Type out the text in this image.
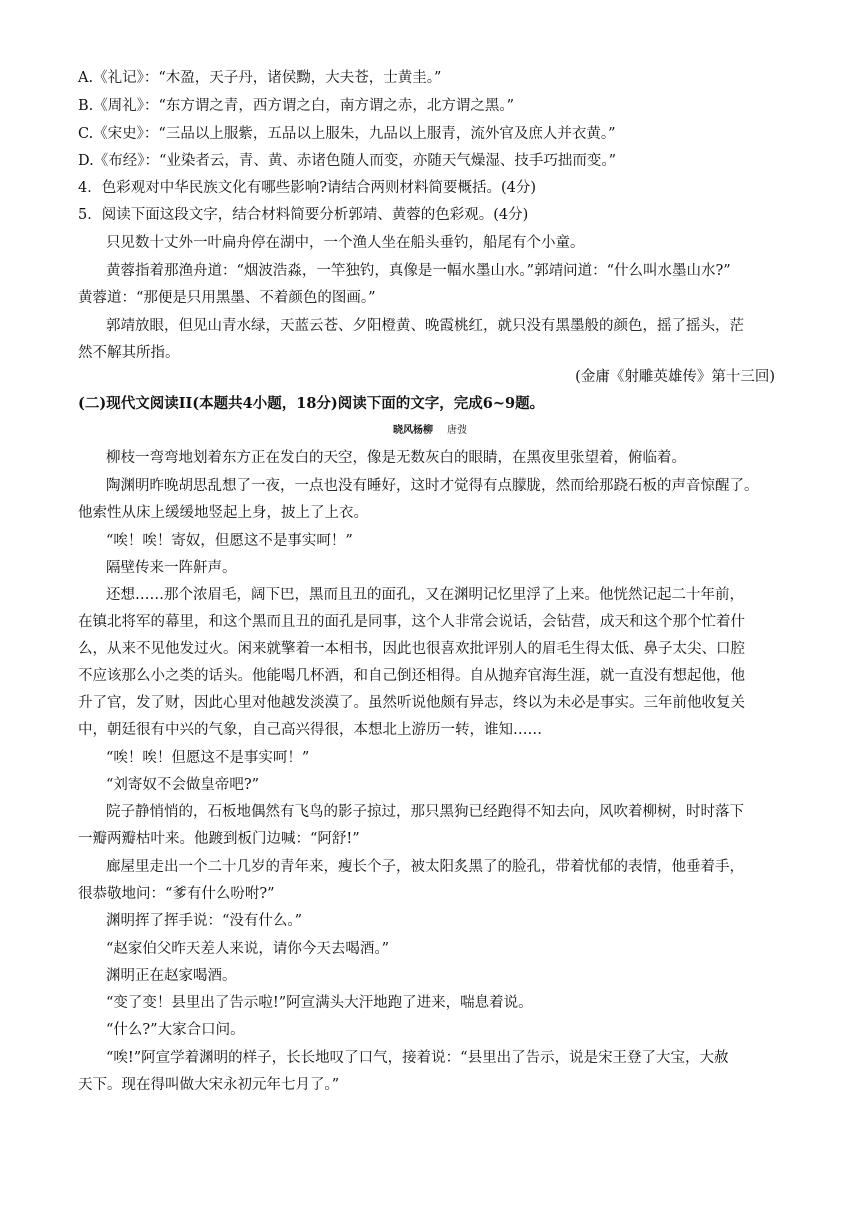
A.《礼记》：“木盈，天子丹，诸侯黝，大夫苍，士黄圭。”
B.《周礼》：“东方谓之青，西方谓之白，南方谓之赤，北方谓之黑。”
C.《宋史》：“三品以上服紫，五品以上服朱，九品以上服青，流外官及庶人并衣黄。”
D.《布经》：“业染者云，青、黄、赤诸色随人而变，亦随天气燥湿、技手巧拙而变。”
4．色彩观对中华民族文化有哪些影响?请结合两则材料简要概括。(4分)
5．阅读下面这段文字，结合材料简要分析郭靖、黄蓉的色彩观。(4分)
只见数十丈外一叶扁舟停在湖中，一个渔人坐在船头垂钓，船尾有个小童。
黄蓉指着那渔舟道：“烟波浩淼，一竿独钓，真像是一幅水墨山水。”郭靖问道：“什么叫水墨山水?”
黄蓉道：“那便是只用黑墨、不着颜色的图画。”
郭靖放眼，但见山青水绿，天蓝云苍、夕阳橙黄、晚霞桃红，就只没有黑墨般的颜色，摇了摇头，茫
然不解其所指。
(金庸《射雕英雄传》第十三回)
(二)现代文阅读II(本题共4小题，18分)阅读下面的文字，完成6~9题。
晓风杨柳 唐弢
柳枝一弯弯地划着东方正在发白的天空，像是无数灰白的眼睛，在黑夜里张望着，俯临着。
陶渊明昨晚胡思乱想了一夜，一点也没有睡好，这时才觉得有点朦胧，然而给那跷石板的声音惊醒了。
他索性从床上缓缓地竖起上身，披上了上衣。
“唉！唉！寄奴，但愿这不是事实呵！”
隔壁传来一阵鼾声。
还想……那个浓眉毛，阔下巴，黑而且丑的面孔，又在渊明记忆里浮了上来。他恍然记起二十年前，
在镇北将军的幕里，和这个黑而且丑的面孔是同事，这个人非常会说话，会钻营，成天和这个那个忙着什
么，从来不见他发过火。闲来就擎着一本相书，因此也很喜欢批评别人的眉毛生得太低、鼻子太尖、口腔
不应该那么小之类的话头。他能喝几杯酒，和自己倒还相得。自从抛弃官海生涯，就一直没有想起他，他
升了官，发了财，因此心里对他越发淡漠了。虽然听说他颇有异志，终以为未必是事实。三年前他收复关
中，朝廷很有中兴的气象，自己高兴得很，本想北上游历一转，谁知……
“唉！唉！但愿这不是事实呵！”
“刘寄奴不会做皇帝吧?”
院子静悄悄的，石板地偶然有飞鸟的影子掠过，那只黑狗已经跑得不知去向，风吹着柳树，时时落下
一瓣两瓣枯叶来。他踱到板门边喊：“阿舒!”
廊屋里走出一个二十几岁的青年来，瘦长个子，被太阳炙黑了的脸孔，带着忧郁的表情，他垂着手，
很恭敬地问：“爹有什么吩咐?”
渊明挥了挥手说：“没有什么。”
“赵家伯父昨天差人来说，请你今天去喝酒。”
渊明正在赵家喝酒。
“变了变！县里出了告示啦!”阿宣满头大汗地跑了进来，喘息着说。
“什么?”大家合口问。
“唉!”阿宣学着渊明的样子，长长地叹了口气，接着说：“县里出了告示，说是宋王登了大宝，大赦
天下。现在得叫做大宋永初元年七月了。”
